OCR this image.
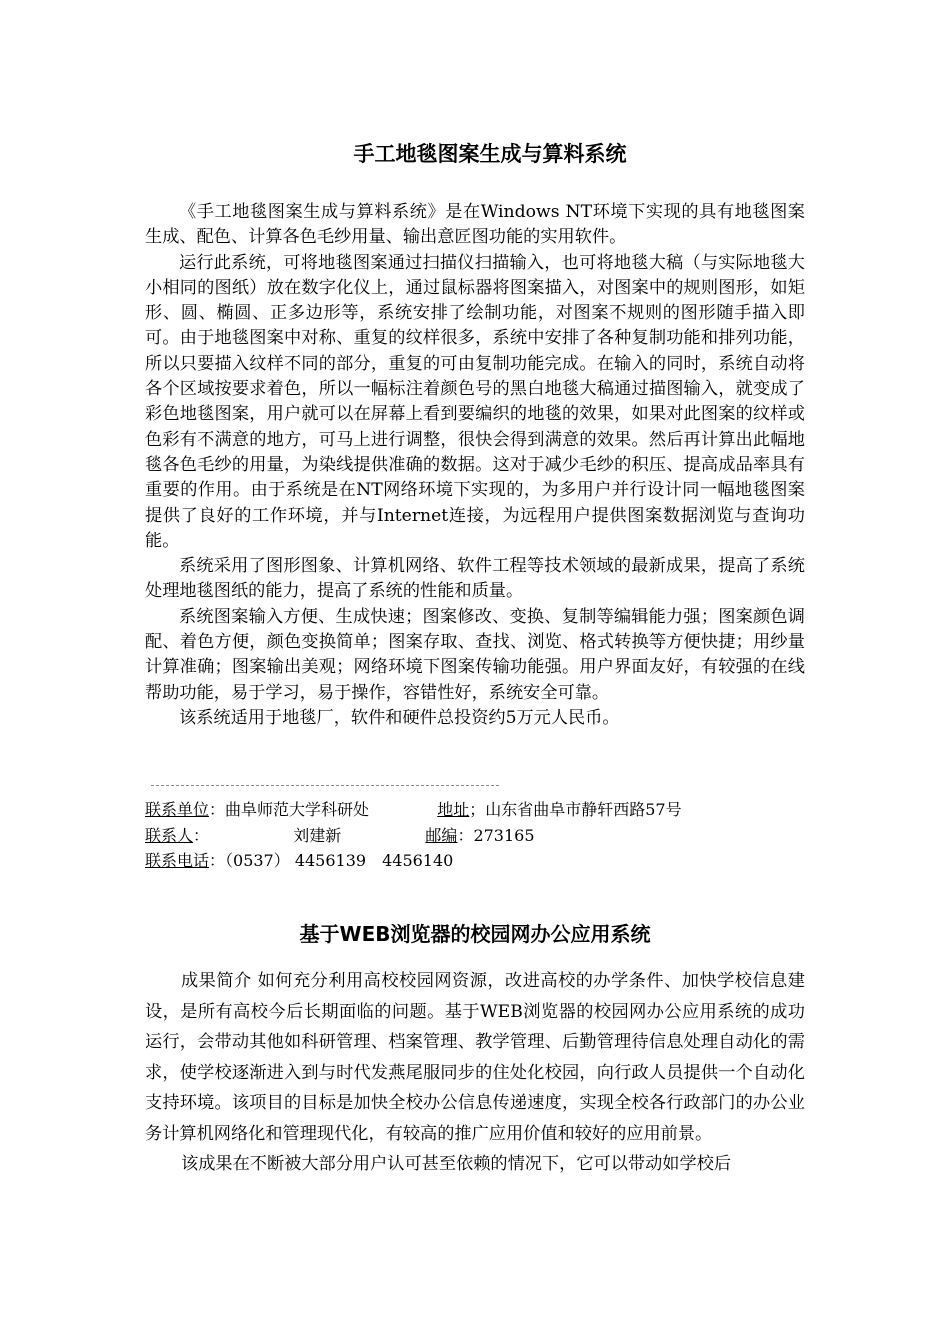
手工地毯图案生成与算料系统

《手工地毯图案生成与算料系统》是在Windows NT环境下实现的具有地毯图案生成、配色、计算各色毛纱用量、输出意匠图功能的实用软件。

运行此系统，可将地毯图案通过扫描仪扫描输入，也可将地毯大稿（与实际地毯大小相同的图纸）放在数字化仪上，通过鼠标器将图案描入，对图案中的规则图形，如矩形、圆、椭圆、正多边形等，系统安排了绘制功能，对图案不规则的图形随手描入即可。由于地毯图案中对称、重复的纹样很多，系统中安排了各种复制功能和排列功能，所以只要描入纹样不同的部分，重复的可由复制功能完成。在输入的同时，系统自动将各个区域按要求着色，所以一幅标注着颜色号的黑白地毯大稿通过描图输入，就变成了彩色地毯图案，用户就可以在屏幕上看到要编织的地毯的效果，如果对此图案的纹样或色彩有不满意的地方，可马上进行调整，很快会得到满意的效果。然后再计算出此幅地毯各色毛纱的用量，为染线提供准确的数据。这对于减少毛纱的积压、提高成品率具有重要的作用。由于系统是在NT网络环境下实现的，为多用户并行设计同一幅地毯图案提供了良好的工作环境，并与Internet连接，为远程用户提供图案数据浏览与查询功能。

系统采用了图形图象、计算机网络、软件工程等技术领域的最新成果，提高了系统处理地毯图纸的能力，提高了系统的性能和质量。

系统图案输入方便、生成快速；图案修改、变换、复制等编辑能力强；图案颜色调配、着色方便，颜色变换简单；图案存取、查找、浏览、格式转换等方便快捷；用纱量计算准确；图案输出美观；网络环境下图案传输功能强。用户界面友好，有较强的在线帮助功能，易于学习，易于操作，容错性好，系统安全可靠。

该系统适用于地毯厂，软件和硬件总投资约5万元人民币。

联系单位：曲阜师范大学科研处	地址；山东省曲阜市静轩西路57号
联系人：	刘建新	邮编：273165
联系电话：（0537） 4456139　4456140
基于WEB浏览器的校园网办公应用系统

成果简介 如何充分利用高校校园网资源，改进高校的办学条件、加快学校信息建设，是所有高校今后长期面临的问题。基于WEB浏览器的校园网办公应用系统的成功运行，会带动其他如科研管理、档案管理、教学管理、后勤管理待信息处理自动化的需求，使学校逐渐进入到与时代发燕尾服同步的住处化校园，向行政人员提供一个自动化支持环境。该项目的目标是加快全校办公信息传递速度，实现全校各行政部门的办公业务计算机网络化和管理现代化，有较高的推广应用价值和较好的应用前景。

该成果在不断被大部分用户认可甚至依赖的情况下，它可以带动如学校后
